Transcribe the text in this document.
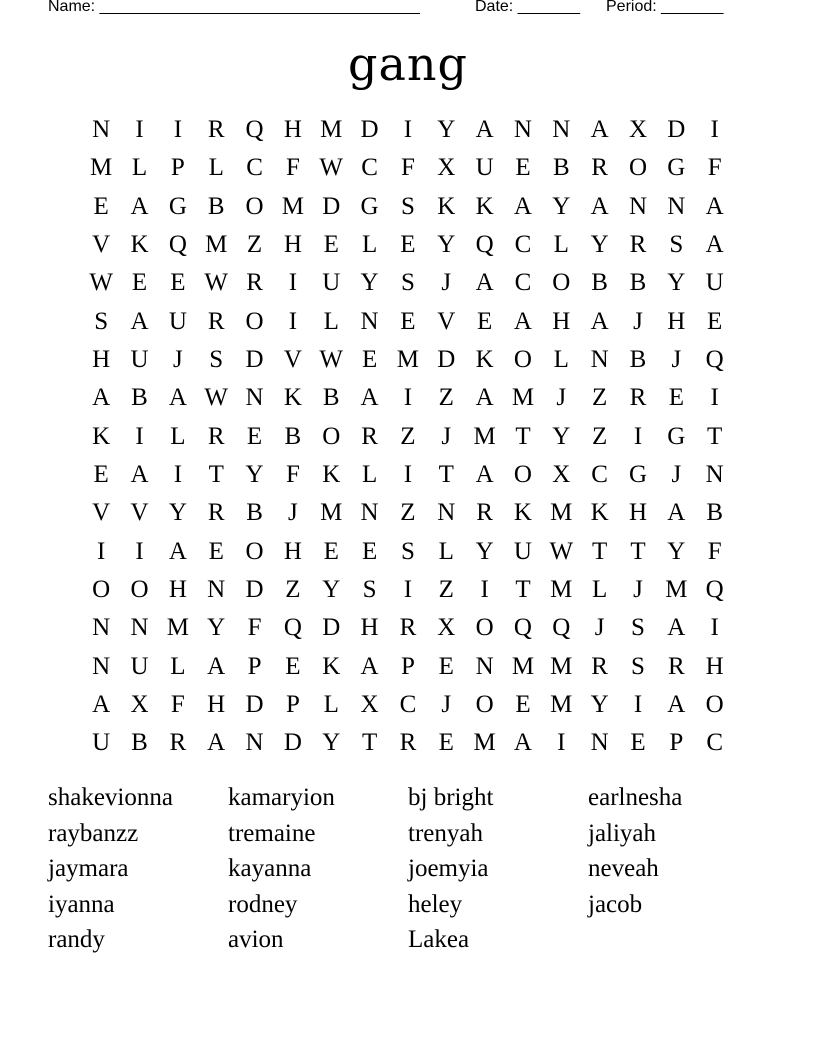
Name: ____________________________________	Date: _______ Period: _______
gang
N	I	I	R Q H M D	I	Y A N N A X D	I
M L P L C F W C F X U E B R O G F
E A G B O M D G S K K A Y A N N A
V K Q M Z H E L E Y Q C L Y R S A
W E E W R	I	U Y S	J A C O B B Y U
S A U R O	I	L N E V E A H A J H E
H U J	S D V W E M D K O L N B	J Q
A B A W N K B A	I	Z A M J	Z R E	I
K	I	L R E B O R Z	J M T Y Z	I	G T
E A	I	T Y F K L	I	T A O X C G J N
V V Y R B	J M N Z N R K M K H A B
I	I	A E O H E E S L Y U W T T Y F
O O H N D Z Y S	I	Z	I	T M L	J M Q
N N M Y F Q D H R X O Q Q J	S A	I
N U L A P E K A P E N M M R S R H
A X F H D P L X C	J O E M Y	I	A O
U B R A N D Y T R E M A	I	N E P C
shakevionna
raybanzz
jaymara
iyanna
randy
kamaryion
tremaine
kayanna
rodney
avion
bj bright
trenyah
joemyia
heley
Lakea
earlnesha
jaliyah
neveah
jacob
